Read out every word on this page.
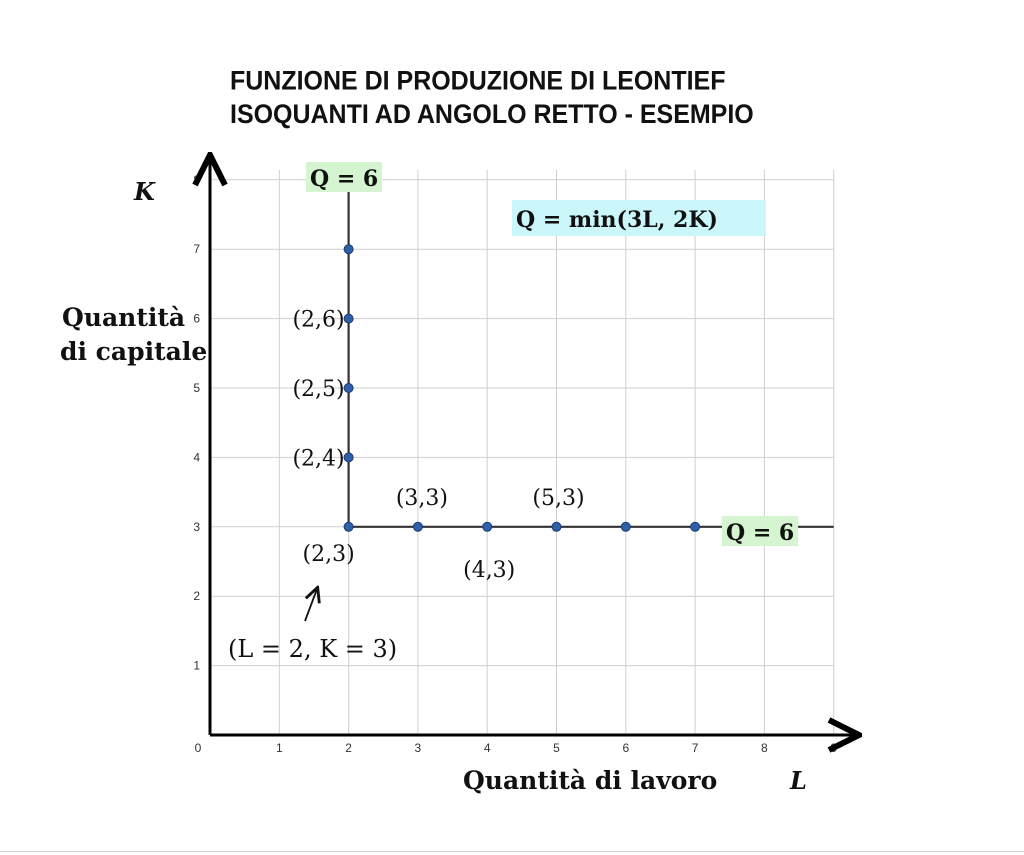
FUNZIONE DI PRODUZIONE DI LEONTIEF
ISOQUANTI AD ANGOLO RETTO - ESEMPIO
0	1	2	3	4	5	6	7	8	9
1
2
3
4
5
6
7
8
(2,6)
(2,5)
(2,4)
(2,3)
(3,3)
(4,3)
(5,3)
K
Quantità
di capitale
Quantità di lavoro	L
Q = min(3L, 2K)
Q = 6
Q = 6
(L = 2, K = 3)
